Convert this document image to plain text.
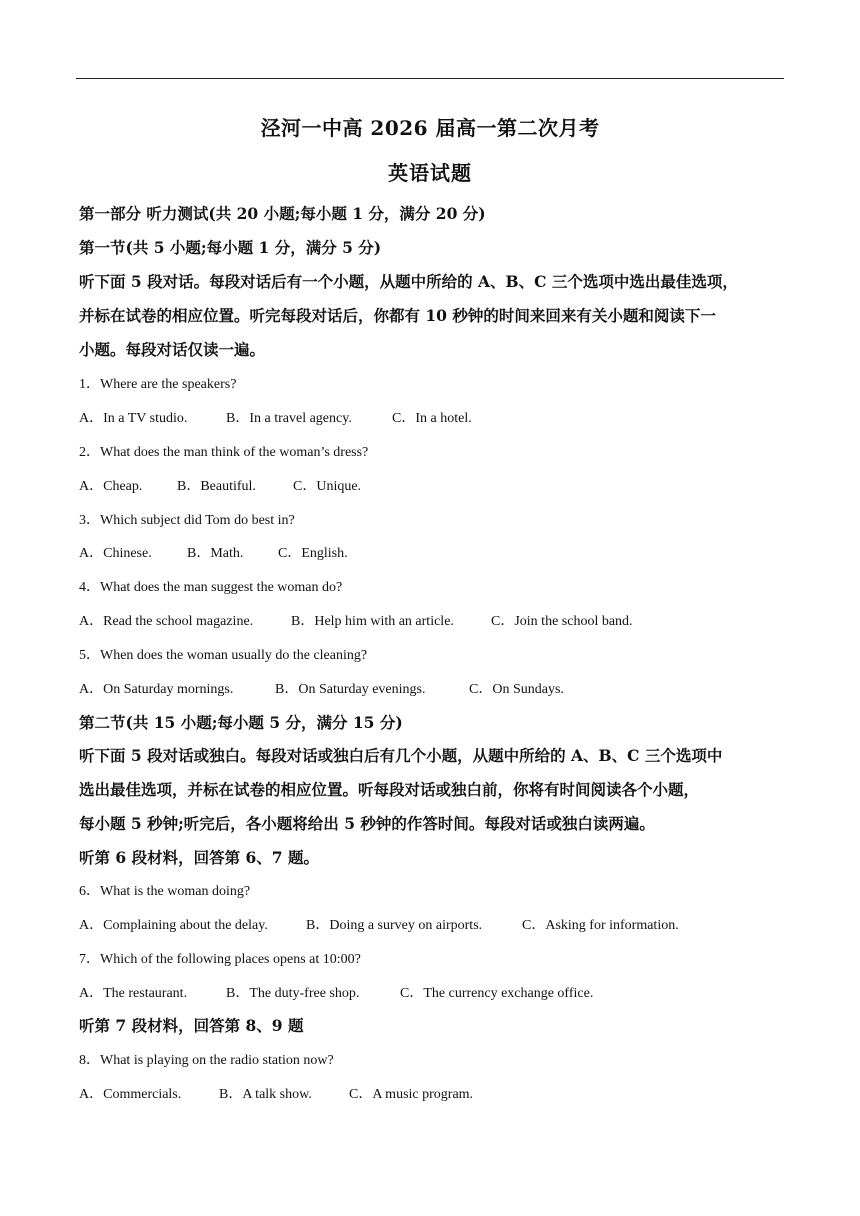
泾河一中高 2026 届高一第二次月考
英语试题
第一部分 听力测试(共 20 小题;每小题 1 分，满分 20 分)
第一节(共 5 小题;每小题 1 分，满分 5 分)
听下面 5 段对话。每段对话后有一个小题，从题中所给的 A、B、C 三个选项中选出最佳选项，
并标在试卷的相应位置。听完每段对话后，你都有 10 秒钟的时间来回来有关小题和阅读下一
小题。每段对话仅读一遍。
1．Where are the speakers?
A．In a TV studio.	B．In a travel agency.	C．In a hotel.
2．What does the man think of the woman’s dress?
A．Cheap. B．Beautiful.	C．Unique.
3．Which subject did Tom do best in?
A．Chinese.	B．Math. C．English.
4．What does the man suggest the woman do?
A．Read the school magazine.	B．Help him with an article.	C．Join the school band.
5．When does the woman usually do the cleaning?
A．On Saturday mornings.	B．On Saturday evenings.	C．On Sundays.
第二节(共 15 小题;每小题 5 分，满分 15 分)
听下面 5 段对话或独白。每段对话或独白后有几个小题，从题中所给的 A、B、C 三个选项中
选出最佳选项，并标在试卷的相应位置。听每段对话或独白前，你将有时间阅读各个小题，
每小题 5 秒钟;听完后，各小题将给出 5 秒钟的作答时间。每段对话或独白读两遍。
听第 6 段材料，回答第 6、7 题。
6．What is the woman doing?
A．Complaining about the delay.	B．Doing a survey on airports.	C．Asking for information.
7．Which of the following places opens at 10:00?
A．The restaurant.	B．The duty-free shop.	C．The currency exchange office.
听第 7 段材料，回答第 8、9 题
8．What is playing on the radio station now?
A．Commercials.	B．A talk show.	C．A music program.
